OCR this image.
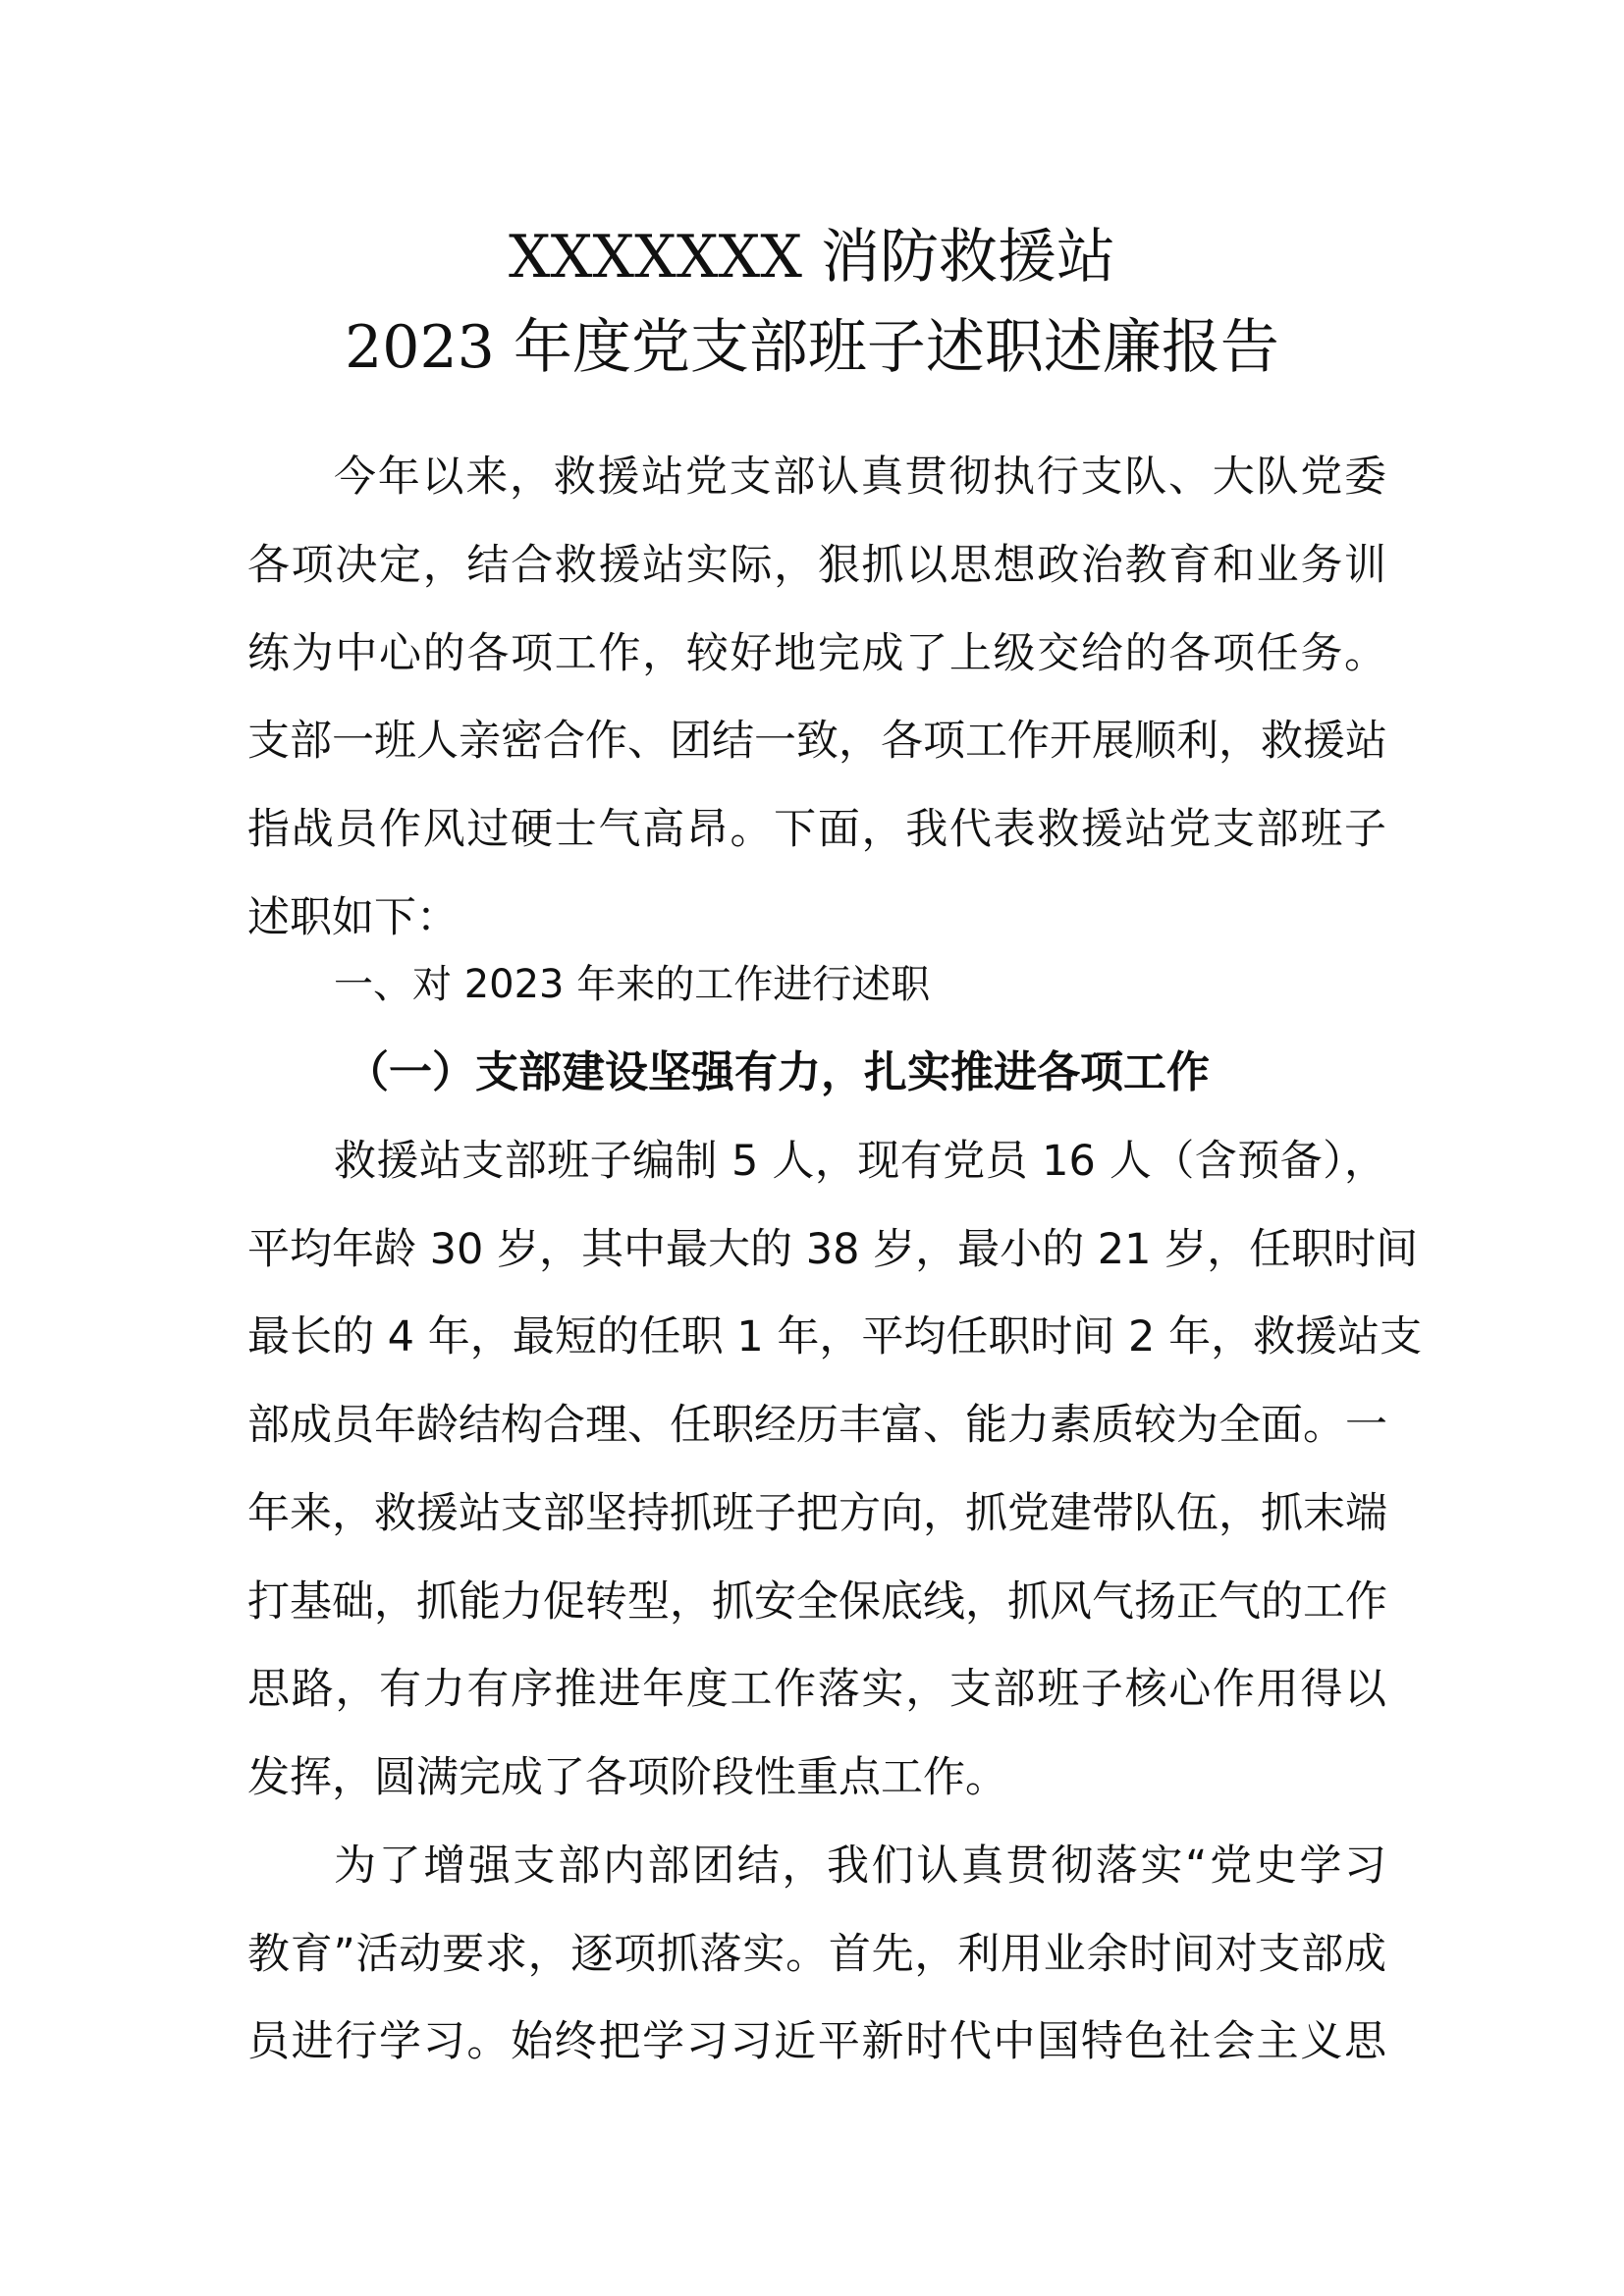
XXXXXXX 消防救援站
2023 年度党支部班子述职述廉报告

今年以来，救援站党支部认真贯彻执行支队、大队党委

各项决定，结合救援站实际，狠抓以思想政治教育和业务训

练为中心的各项工作，较好地完成了上级交给的各项任务。

支部一班人亲密合作、团结一致，各项工作开展顺利，救援站

指战员作风过硬士气高昂。下面，我代表救援站党支部班子

述职如下：

一、对 2023 年来的工作进行述职

（一）支部建设坚强有力，扎实推进各项工作

救援站支部班子编制 5 人，现有党员 16 人（含预备），

平均年龄 30 岁，其中最大的 38 岁，最小的 21 岁，任职时间

最长的 4 年，最短的任职 1 年，平均任职时间 2 年，救援站支

部成员年龄结构合理、任职经历丰富、能力素质较为全面。一

年来，救援站支部坚持抓班子把方向，抓党建带队伍，抓末端

打基础，抓能力促转型，抓安全保底线，抓风气扬正气的工作

思路，有力有序推进年度工作落实，支部班子核心作用得以

发挥，圆满完成了各项阶段性重点工作。

为了增强支部内部团结，我们认真贯彻落实“党史学习

教育”活动要求，逐项抓落实。首先，利用业余时间对支部成

员进行学习。始终把学习习近平新时代中国特色社会主义思
